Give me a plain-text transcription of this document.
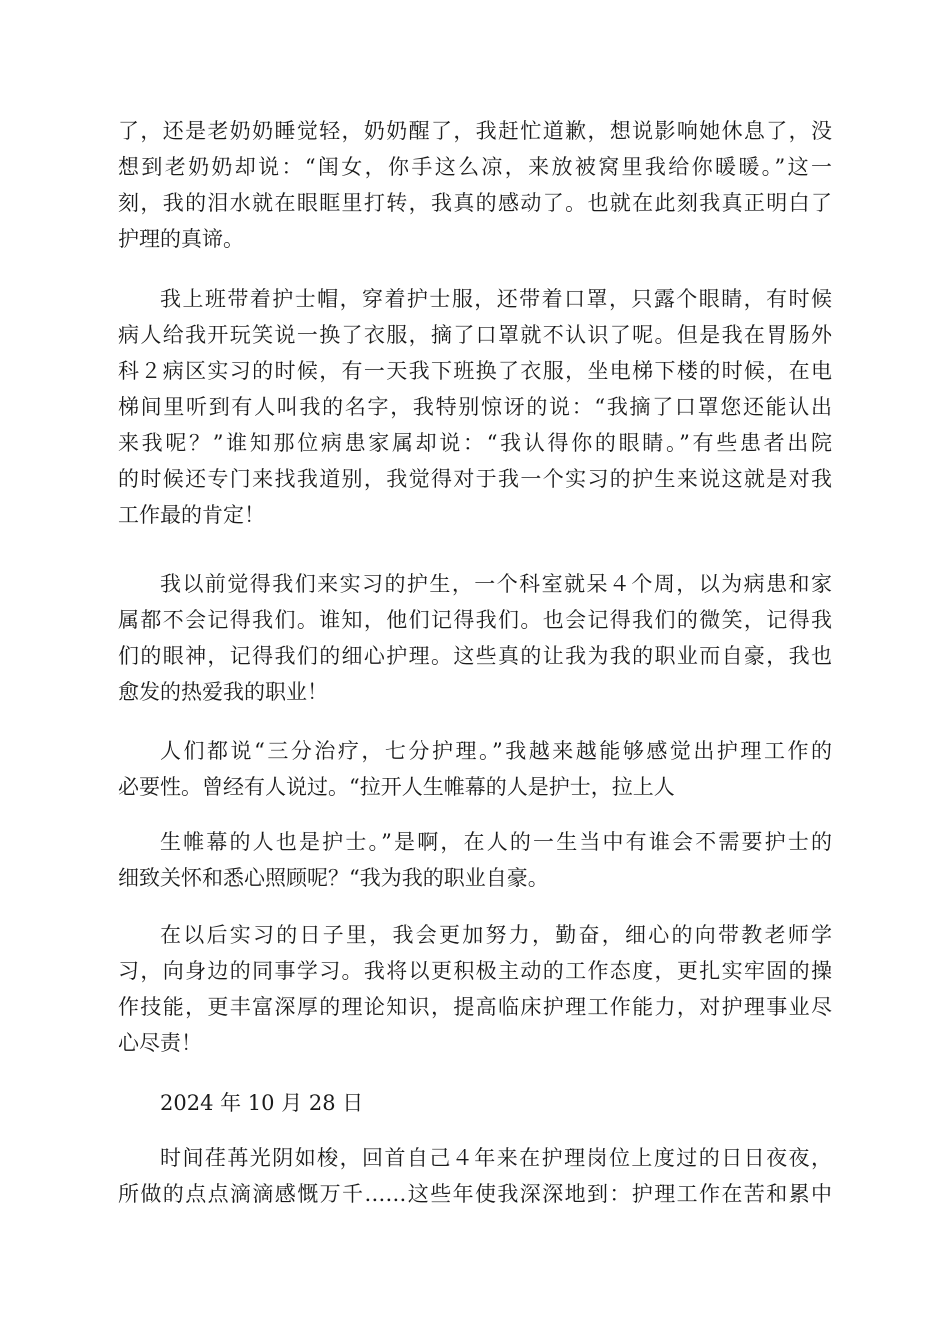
了，还是老奶奶睡觉轻，奶奶醒了，我赶忙道歉，想说影响她休息了，没
想到老奶奶却说：“闺女，你手这么凉，来放被窝里我给你暖暖。”这一
刻，我的泪水就在眼眶里打转，我真的感动了。也就在此刻我真正明白了
护理的真谛。
我上班带着护士帽，穿着护士服，还带着口罩，只露个眼睛，有时候
病人给我开玩笑说一换了衣服，摘了口罩就不认识了呢。但是我在胃肠外
科２病区实习的时候，有一天我下班换了衣服，坐电梯下楼的时候，在电
梯间里听到有人叫我的名字，我特别惊讶的说：“我摘了口罩您还能认出
来我呢？”谁知那位病患家属却说：“我认得你的眼睛。”有些患者出院
的时候还专门来找我道别，我觉得对于我一个实习的护生来说这就是对我
工作最的肯定！
我以前觉得我们来实习的护生，一个科室就呆４个周，以为病患和家
属都不会记得我们。谁知，他们记得我们。也会记得我们的微笑，记得我
们的眼神，记得我们的细心护理。这些真的让我为我的职业而自豪，我也
愈发的热爱我的职业！
人们都说“三分治疗，七分护理。”我越来越能够感觉出护理工作的
必要性。曾经有人说过。“拉开人生帷幕的人是护士，拉上人
生帷幕的人也是护士。”是啊，在人的一生当中有谁会不需要护士的
细致关怀和悉心照顾呢？“我为我的职业自豪。
在以后实习的日子里，我会更加努力，勤奋，细心的向带教老师学
习，向身边的同事学习。我将以更积极主动的工作态度，更扎实牢固的操
作技能，更丰富深厚的理论知识，提高临床护理工作能力，对护理事业尽
心尽责！
2024 年 10 月 28 日
时间荏苒光阴如梭，回首自己４年来在护理岗位上度过的日日夜夜，
所做的点点滴滴感慨万千……这些年使我深深地到：护理工作在苦和累中
